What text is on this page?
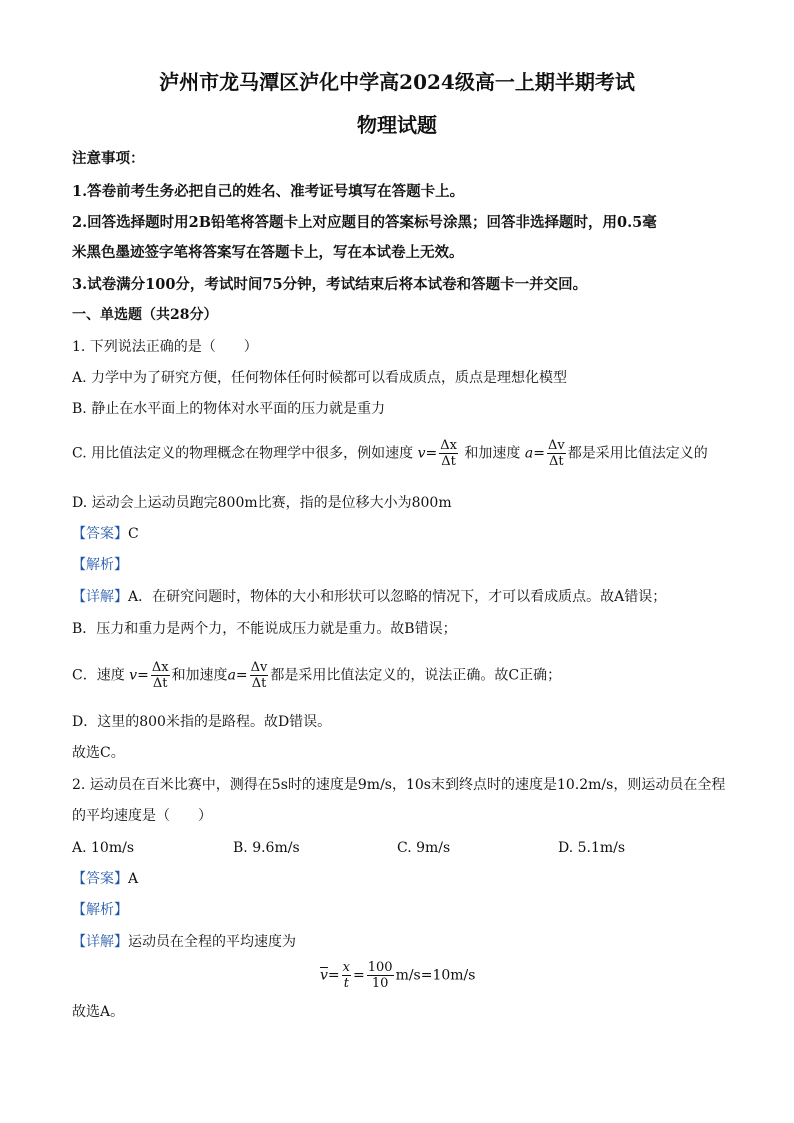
泸州市龙马潭区泸化中学高2024级高一上期半期考试
物理试题
注意事项：
1.答卷前考生务必把自己的姓名、准考证号填写在答题卡上。
2.回答选择题时用2B铅笔将答题卡上对应题目的答案标号涂黑；回答非选择题时，用0.5毫
米黑色墨迹签字笔将答案写在答题卡上，写在本试卷上无效。
3.试卷满分100分，考试时间75分钟，考试结束后将本试卷和答题卡一并交回。
一、单选题（共28分）
1. 下列说法正确的是（　　）
A. 力学中为了研究方便，任何物体任何时候都可以看成质点，质点是理想化模型
B. 静止在水平面上的物体对水平面的压力就是重力
C. 用比值法定义的物理概念在物理学中很多，例如速度 $v= \frac{\Delta x}{\Delta t}$ 和加速度 $a= \frac{\Delta v}{\Delta t}$ 都是采用比值法定义的
D. 运动会上运动员跑完800m比赛，指的是位移大小为800m
【答案】C
【解析】
【详解】A．在研究问题时，物体的大小和形状可以忽略的情况下，才可以看成质点。故A错误；
B．压力和重力是两个力，不能说成压力就是重力。故B错误；
C．速度 $v= \frac{\Delta x}{\Delta t}$ 和加速度$a= \frac{\Delta v}{\Delta t}$ 都是采用比值法定义的，说法正确。故C正确；
D．这里的800米指的是路程。故D错误。
故选C。
2. 运动员在百米比赛中，测得在5s时的速度是9m/s，10s末到终点时的速度是10.2m/s，则运动员在全程
的平均速度是（　　）
A. 10m/s	B. 9.6m/s	C. 9m/s	D. 5.1m/s
【答案】A
【解析】
【详解】运动员在全程的平均速度为
$\overline{v}= \frac{x}{t} = \frac{100}{10} m/s=10m/s$
故选A。
